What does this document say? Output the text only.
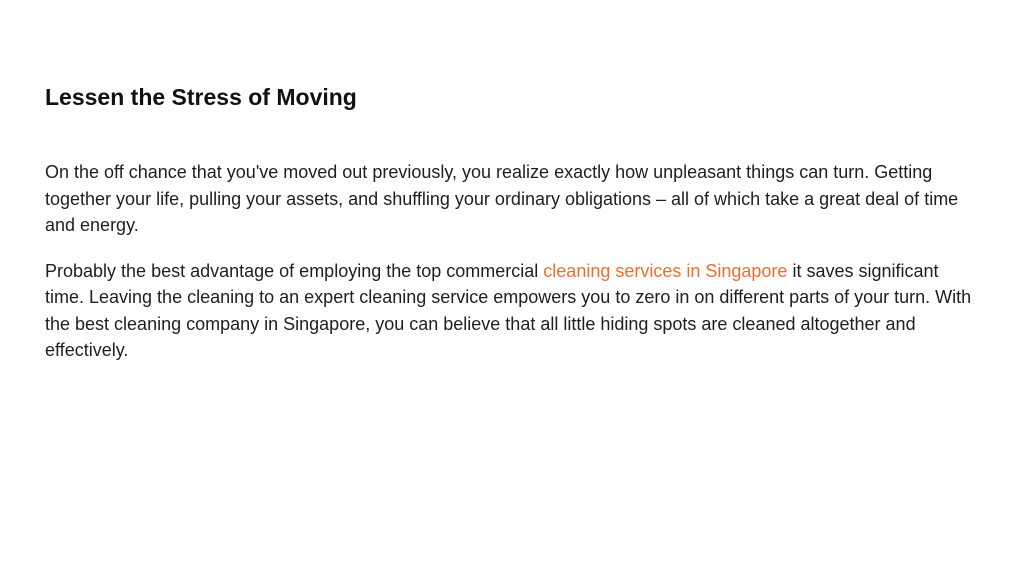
Lessen the Stress of Moving

On the off chance that you've moved out previously, you realize exactly how unpleasant things can turn. Getting together your life, pulling your assets, and shuffling your ordinary obligations – all of which take a great deal of time and energy.

Probably the best advantage of employing the top commercial cleaning services in Singapore it saves significant time. Leaving the cleaning to an expert cleaning service empowers you to zero in on different parts of your turn. With the best cleaning company in Singapore, you can believe that all little hiding spots are cleaned altogether and effectively.
